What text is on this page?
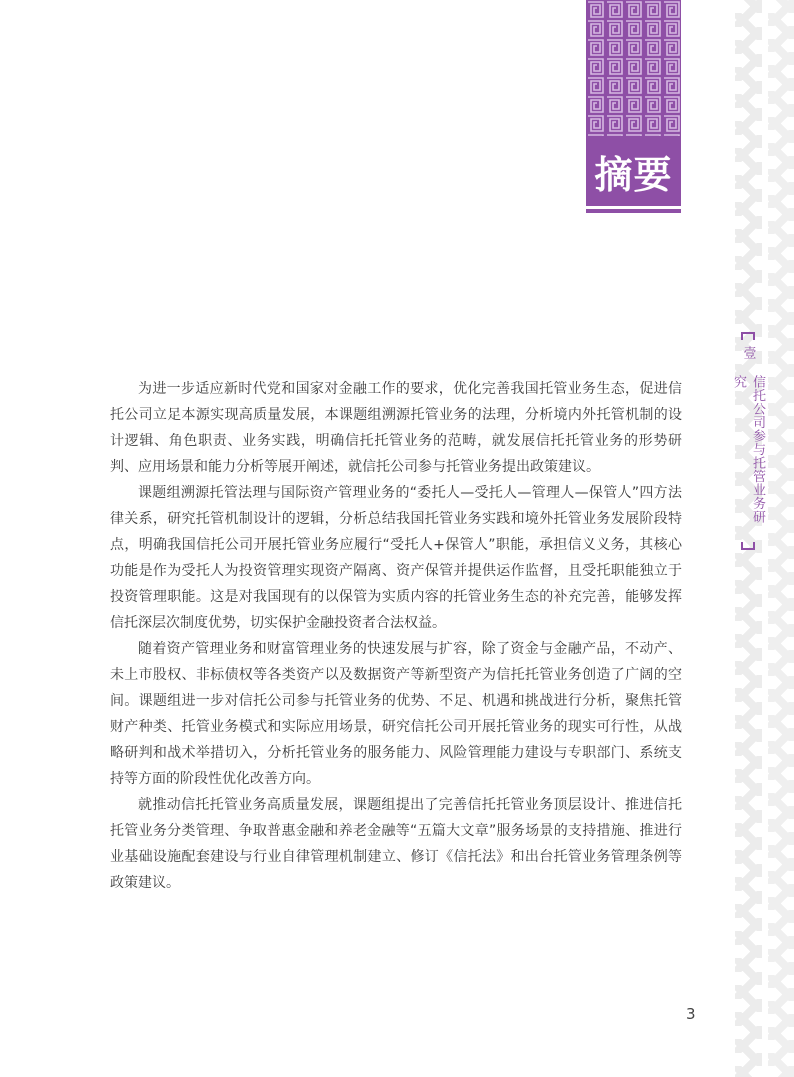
摘要
壹
信托公司参与托管业务研究

为进一步适应新时代党和国家对金融工作的要求，优化完善我国托管业务生态，促进信托公司立足本源实现高质量发展，本课题组溯源托管业务的法理，分析境内外托管机制的设计逻辑、角色职责、业务实践，明确信托托管业务的范畴，就发展信托托管业务的形势研判、应用场景和能力分析等展开阐述，就信托公司参与托管业务提出政策建议。

课题组溯源托管法理与国际资产管理业务的“委托人—受托人—管理人—保管人”四方法律关系，研究托管机制设计的逻辑，分析总结我国托管业务实践和境外托管业务发展阶段特点，明确我国信托公司开展托管业务应履行“受托人+保管人”职能，承担信义义务，其核心功能是作为受托人为投资管理实现资产隔离、资产保管并提供运作监督，且受托职能独立于投资管理职能。这是对我国现有的以保管为实质内容的托管业务生态的补充完善，能够发挥信托深层次制度优势，切实保护金融投资者合法权益。

随着资产管理业务和财富管理业务的快速发展与扩容，除了资金与金融产品，不动产、未上市股权、非标债权等各类资产以及数据资产等新型资产为信托托管业务创造了广阔的空间。课题组进一步对信托公司参与托管业务的优势、不足、机遇和挑战进行分析，聚焦托管财产种类、托管业务模式和实际应用场景，研究信托公司开展托管业务的现实可行性，从战略研判和战术举措切入，分析托管业务的服务能力、风险管理能力建设与专职部门、系统支持等方面的阶段性优化改善方向。

就推动信托托管业务高质量发展，课题组提出了完善信托托管业务顶层设计、推进信托托管业务分类管理、争取普惠金融和养老金融等“五篇大文章”服务场景的支持措施、推进行业基础设施配套建设与行业自律管理机制建立、修订《信托法》和出台托管业务管理条例等政策建议。

3
